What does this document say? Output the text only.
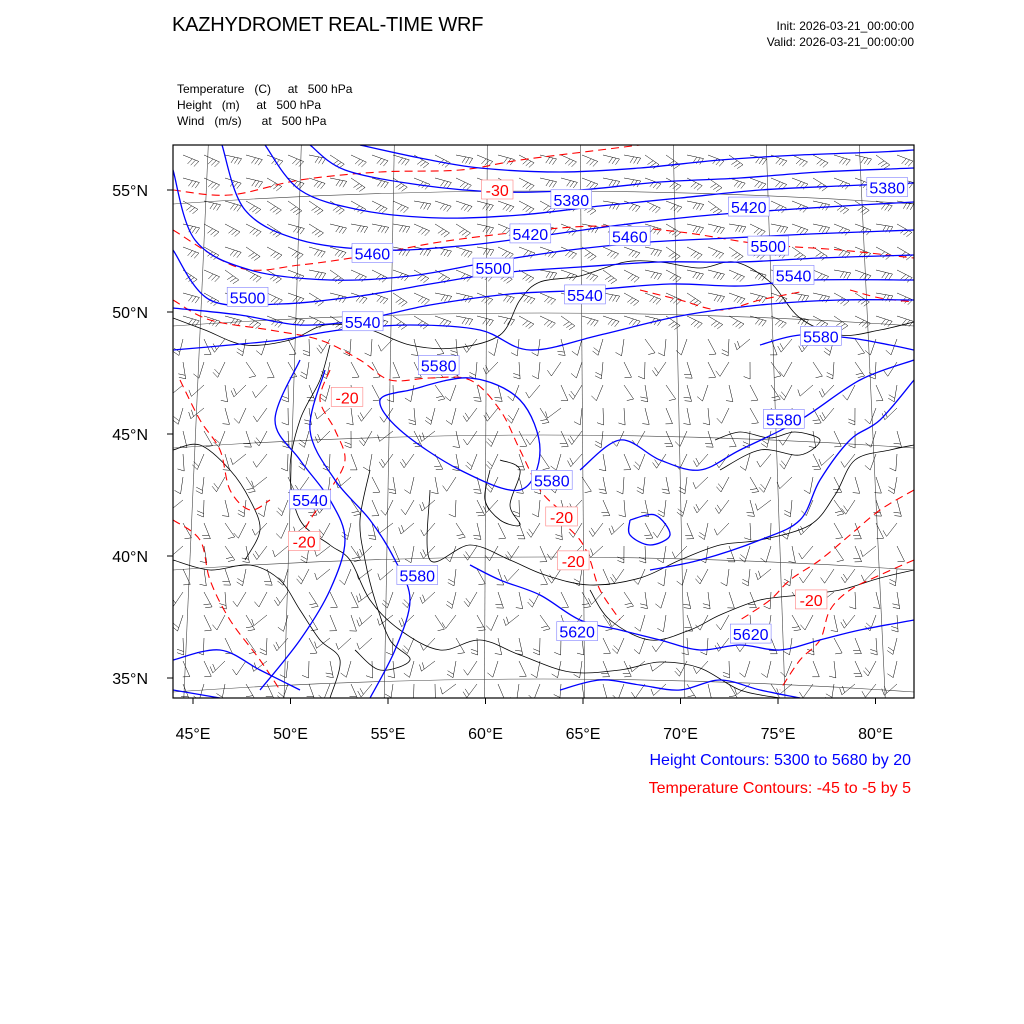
KAZHYDROMET REAL-TIME WRF	Init: 2026-03-21_00:00:00
Valid: 2026-03-21_00:00:00
Temperature   (C)     at   500 hPa
Height   (m)     at   500 hPa
Wind   (m/s)      at   500 hPa
5380
5380
5420
5420
5460
5460
5500
5500
5500	5540
5540
5540
5540
5580
5580
5580
5580
5580
5620	5620
-30
-20
-20
-20
-20
-20
55°N
50°N
45°N
40°N
35°N
45°E	50°E	55°E	60°E	65°E	70°E	75°E	80°E
Height Contours: 5300 to 5680 by 20
Temperature Contours: -45 to -5 by 5
